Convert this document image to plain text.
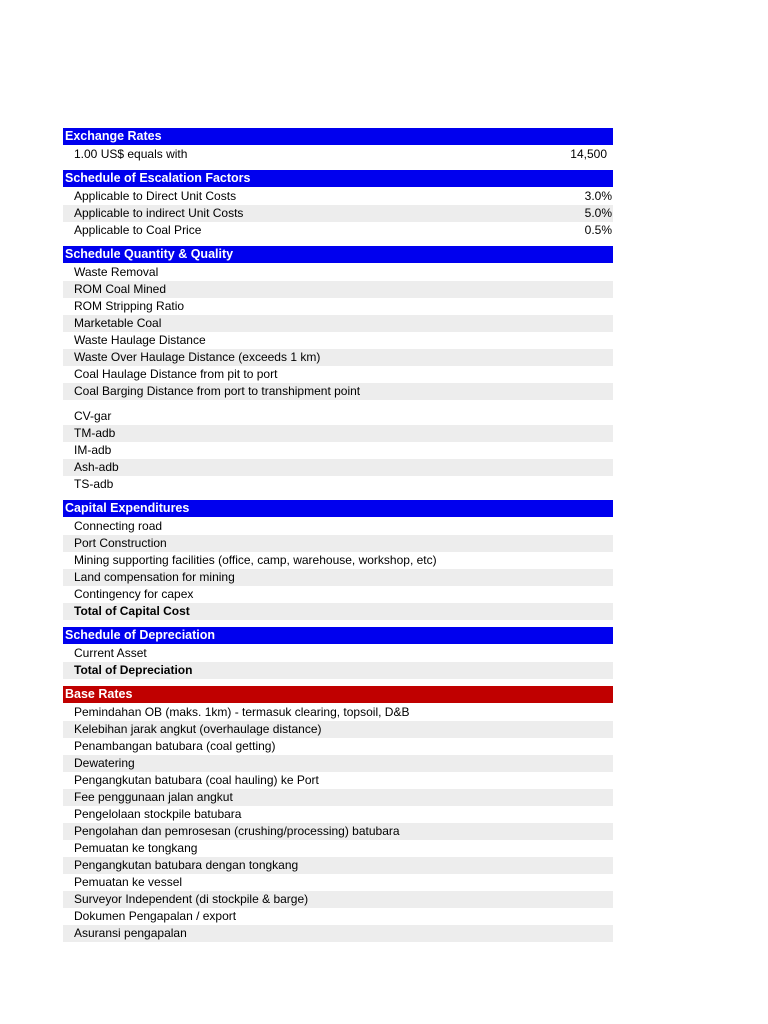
Exchange Rates
1.00 US$ equals with	14,500
Schedule of Escalation Factors
Applicable to Direct Unit Costs	3.0%
Applicable to indirect Unit Costs	5.0%
Applicable to Coal Price	0.5%
Schedule Quantity & Quality
Waste Removal
ROM Coal Mined
ROM Stripping Ratio
Marketable Coal
Waste Haulage Distance
Waste Over Haulage Distance (exceeds 1 km)
Coal Haulage Distance from pit to port
Coal Barging Distance from port to transhipment point
CV-gar
TM-adb
IM-adb
Ash-adb
TS-adb
Capital Expenditures
Connecting road
Port Construction
Mining supporting facilities (office, camp, warehouse, workshop, etc)
Land compensation for mining
Contingency for capex
Total of Capital Cost
Schedule of Depreciation
Current Asset
Total of Depreciation
Base Rates
Pemindahan OB (maks. 1km) - termasuk clearing, topsoil, D&B
Kelebihan jarak angkut (overhaulage distance)
Penambangan batubara (coal getting)
Dewatering
Pengangkutan batubara (coal hauling) ke Port
Fee penggunaan jalan angkut
Pengelolaan stockpile batubara
Pengolahan dan pemrosesan (crushing/processing) batubara
Pemuatan ke tongkang
Pengangkutan batubara dengan tongkang
Pemuatan ke vessel
Surveyor Independent (di stockpile & barge)
Dokumen Pengapalan / export
Asuransi pengapalan
